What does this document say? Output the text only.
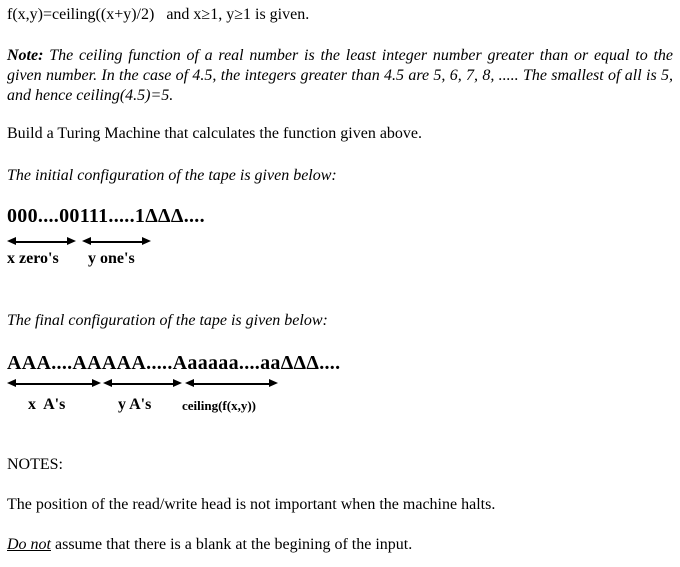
f(x,y)=ceiling((x+y)/2)   and x≥1, y≥1 is given.

Note: The ceiling function of a real number is the least integer number greater than or equal to the given number. In the case of 4.5, the integers greater than 4.5 are 5, 6, 7, 8, ..... The smallest of all is 5, and hence ceiling(4.5)=5.

Build a Turing Machine that calculates the function given above.

The initial configuration of the tape is given below:

000....00111.....1ΔΔΔ....
x zero's y one's

The final configuration of the tape is given below:

AAA....AAAAA.....Aaaaaa....aaΔΔΔ....
x  A's	y A's ceiling(f(x,y))

NOTES:

The position of the read/write head is not important when the machine halts.

Do not assume that there is a blank at the begining of the input.
